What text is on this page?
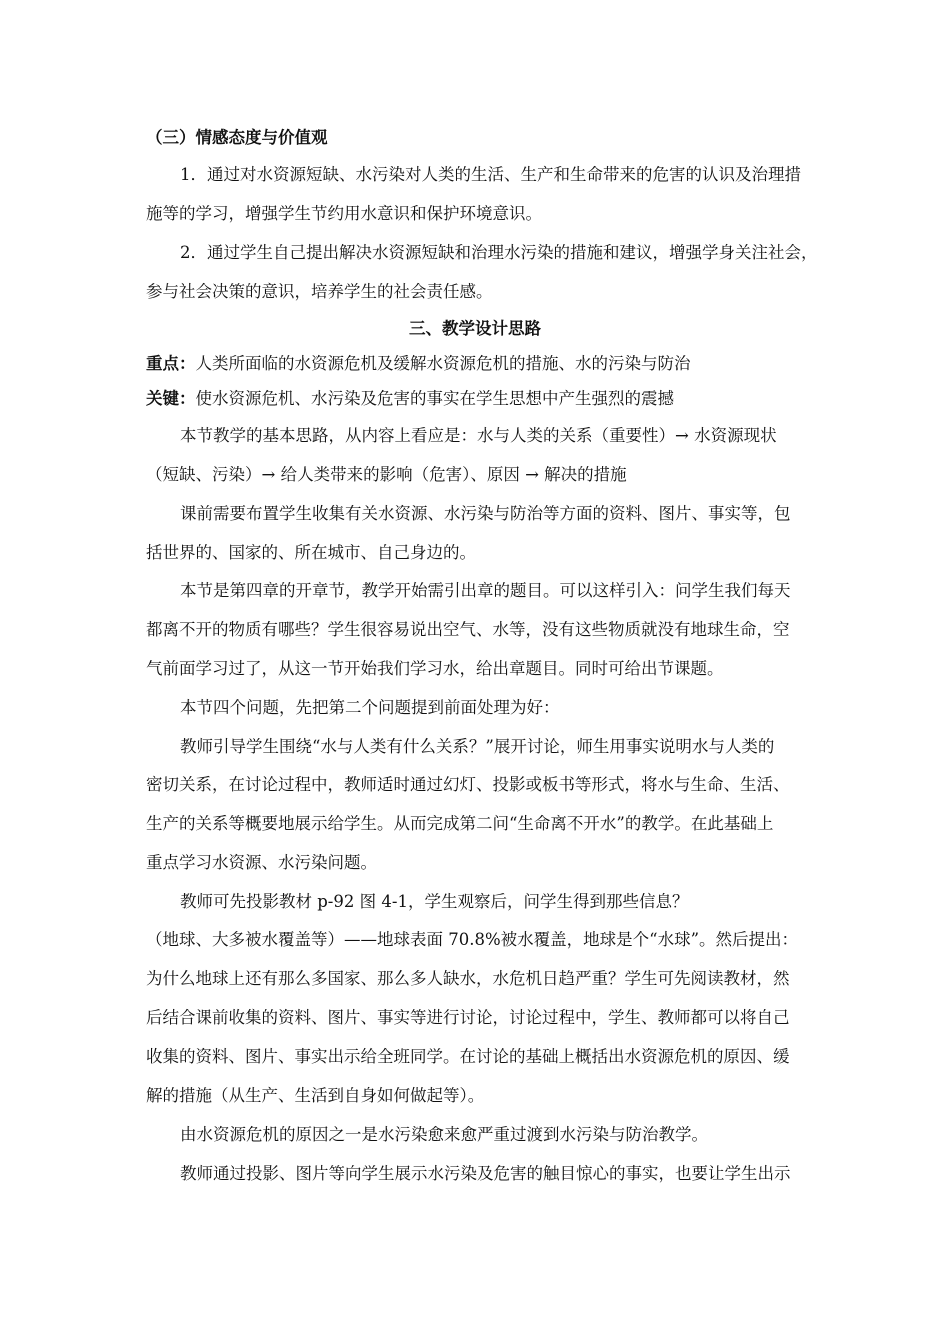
（三）情感态度与价值观
1．通过对水资源短缺、水污染对人类的生活、生产和生命带来的危害的认识及治理措
施等的学习，增强学生节约用水意识和保护环境意识。
2．通过学生自己提出解决水资源短缺和治理水污染的措施和建议，增强学身关注社会，
参与社会决策的意识，培养学生的社会责任感。
三、教学设计思路
重点：人类所面临的水资源危机及缓解水资源危机的措施、水的污染与防治
关键：使水资源危机、水污染及危害的事实在学生思想中产生强烈的震撼
本节教学的基本思路，从内容上看应是：水与人类的关系（重要性）→ 水资源现状
（短缺、污染）→ 给人类带来的影响（危害）、原因 → 解决的措施
课前需要布置学生收集有关水资源、水污染与防治等方面的资料、图片、事实等，包
括世界的、国家的、所在城市、自己身边的。
本节是第四章的开章节，教学开始需引出章的题目。可以这样引入：问学生我们每天
都离不开的物质有哪些？学生很容易说出空气、水等，没有这些物质就没有地球生命，空
气前面学习过了，从这一节开始我们学习水，给出章题目。同时可给出节课题。
本节四个问题，先把第二个问题提到前面处理为好：
教师引导学生围绕“水与人类有什么关系？”展开讨论，师生用事实说明水与人类的
密切关系，在讨论过程中，教师适时通过幻灯、投影或板书等形式，将水与生命、生活、
生产的关系等概要地展示给学生。从而完成第二问“生命离不开水”的教学。在此基础上
重点学习水资源、水污染问题。
教师可先投影教材 p-92 图 4-1，学生观察后，问学生得到那些信息？
（地球、大多被水覆盖等）——地球表面 70.8%被水覆盖，地球是个“水球”。然后提出：
为什么地球上还有那么多国家、那么多人缺水，水危机日趋严重？学生可先阅读教材，然
后结合课前收集的资料、图片、事实等进行讨论，讨论过程中，学生、教师都可以将自己
收集的资料、图片、事实出示给全班同学。在讨论的基础上概括出水资源危机的原因、缓
解的措施（从生产、生活到自身如何做起等）。
由水资源危机的原因之一是水污染愈来愈严重过渡到水污染与防治教学。
教师通过投影、图片等向学生展示水污染及危害的触目惊心的事实，也要让学生出示
